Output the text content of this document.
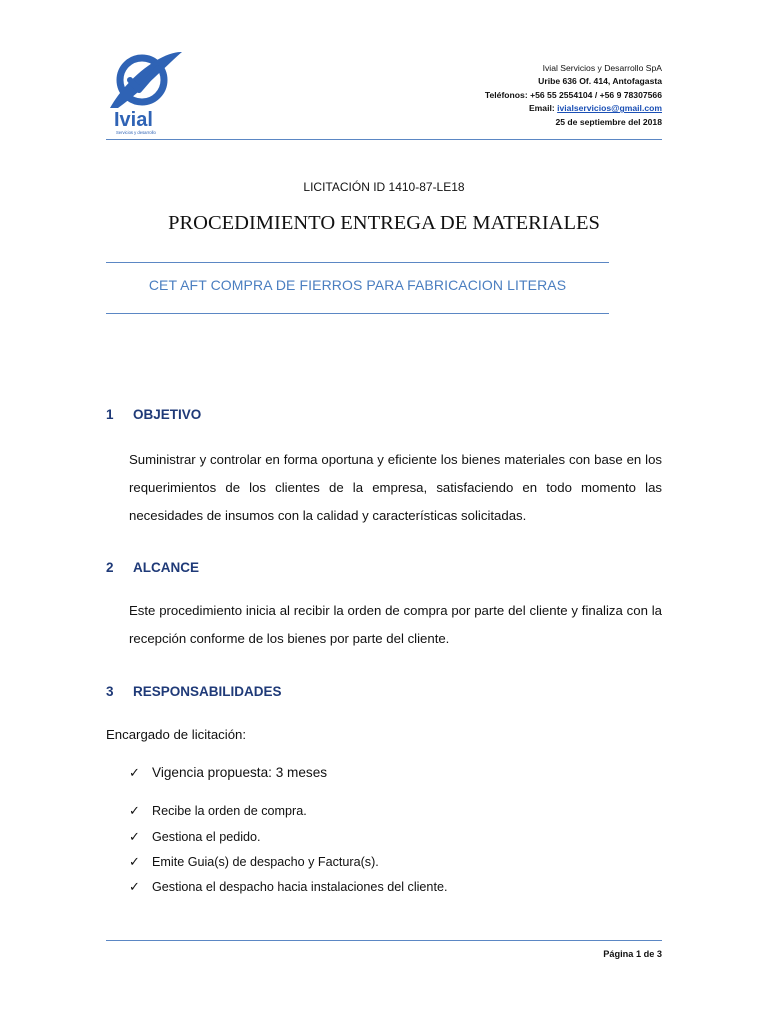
Ivial
Servicios y desarrollo
Ivial Servicios y Desarrollo SpA
Uribe 636 Of. 414, Antofagasta
Teléfonos: +56 55 2554104 / +56 9 78307566
Email: ivialservicios@gmail.com
25 de septiembre del 2018
LICITACIÓN ID 1410-87-LE18
PROCEDIMIENTO ENTREGA DE MATERIALES
CET AFT COMPRA DE FIERROS PARA FABRICACION LITERAS
1 OBJETIVO
Suministrar y controlar en forma oportuna y eficiente los bienes materiales con base en los requerimientos de los clientes de la empresa, satisfaciendo en todo momento las necesidades de insumos con la calidad y características solicitadas.
2 ALCANCE
Este procedimiento inicia al recibir la orden de compra por parte del cliente y finaliza con la recepción conforme de los bienes por parte del cliente.
3 RESPONSABILIDADES
Encargado de licitación:
✓ Vigencia propuesta: 3 meses
✓ Recibe la orden de compra.
✓ Gestiona el pedido.
✓ Emite Guia(s) de despacho y Factura(s).
✓ Gestiona el despacho hacia instalaciones del cliente.
Página 1 de 3
